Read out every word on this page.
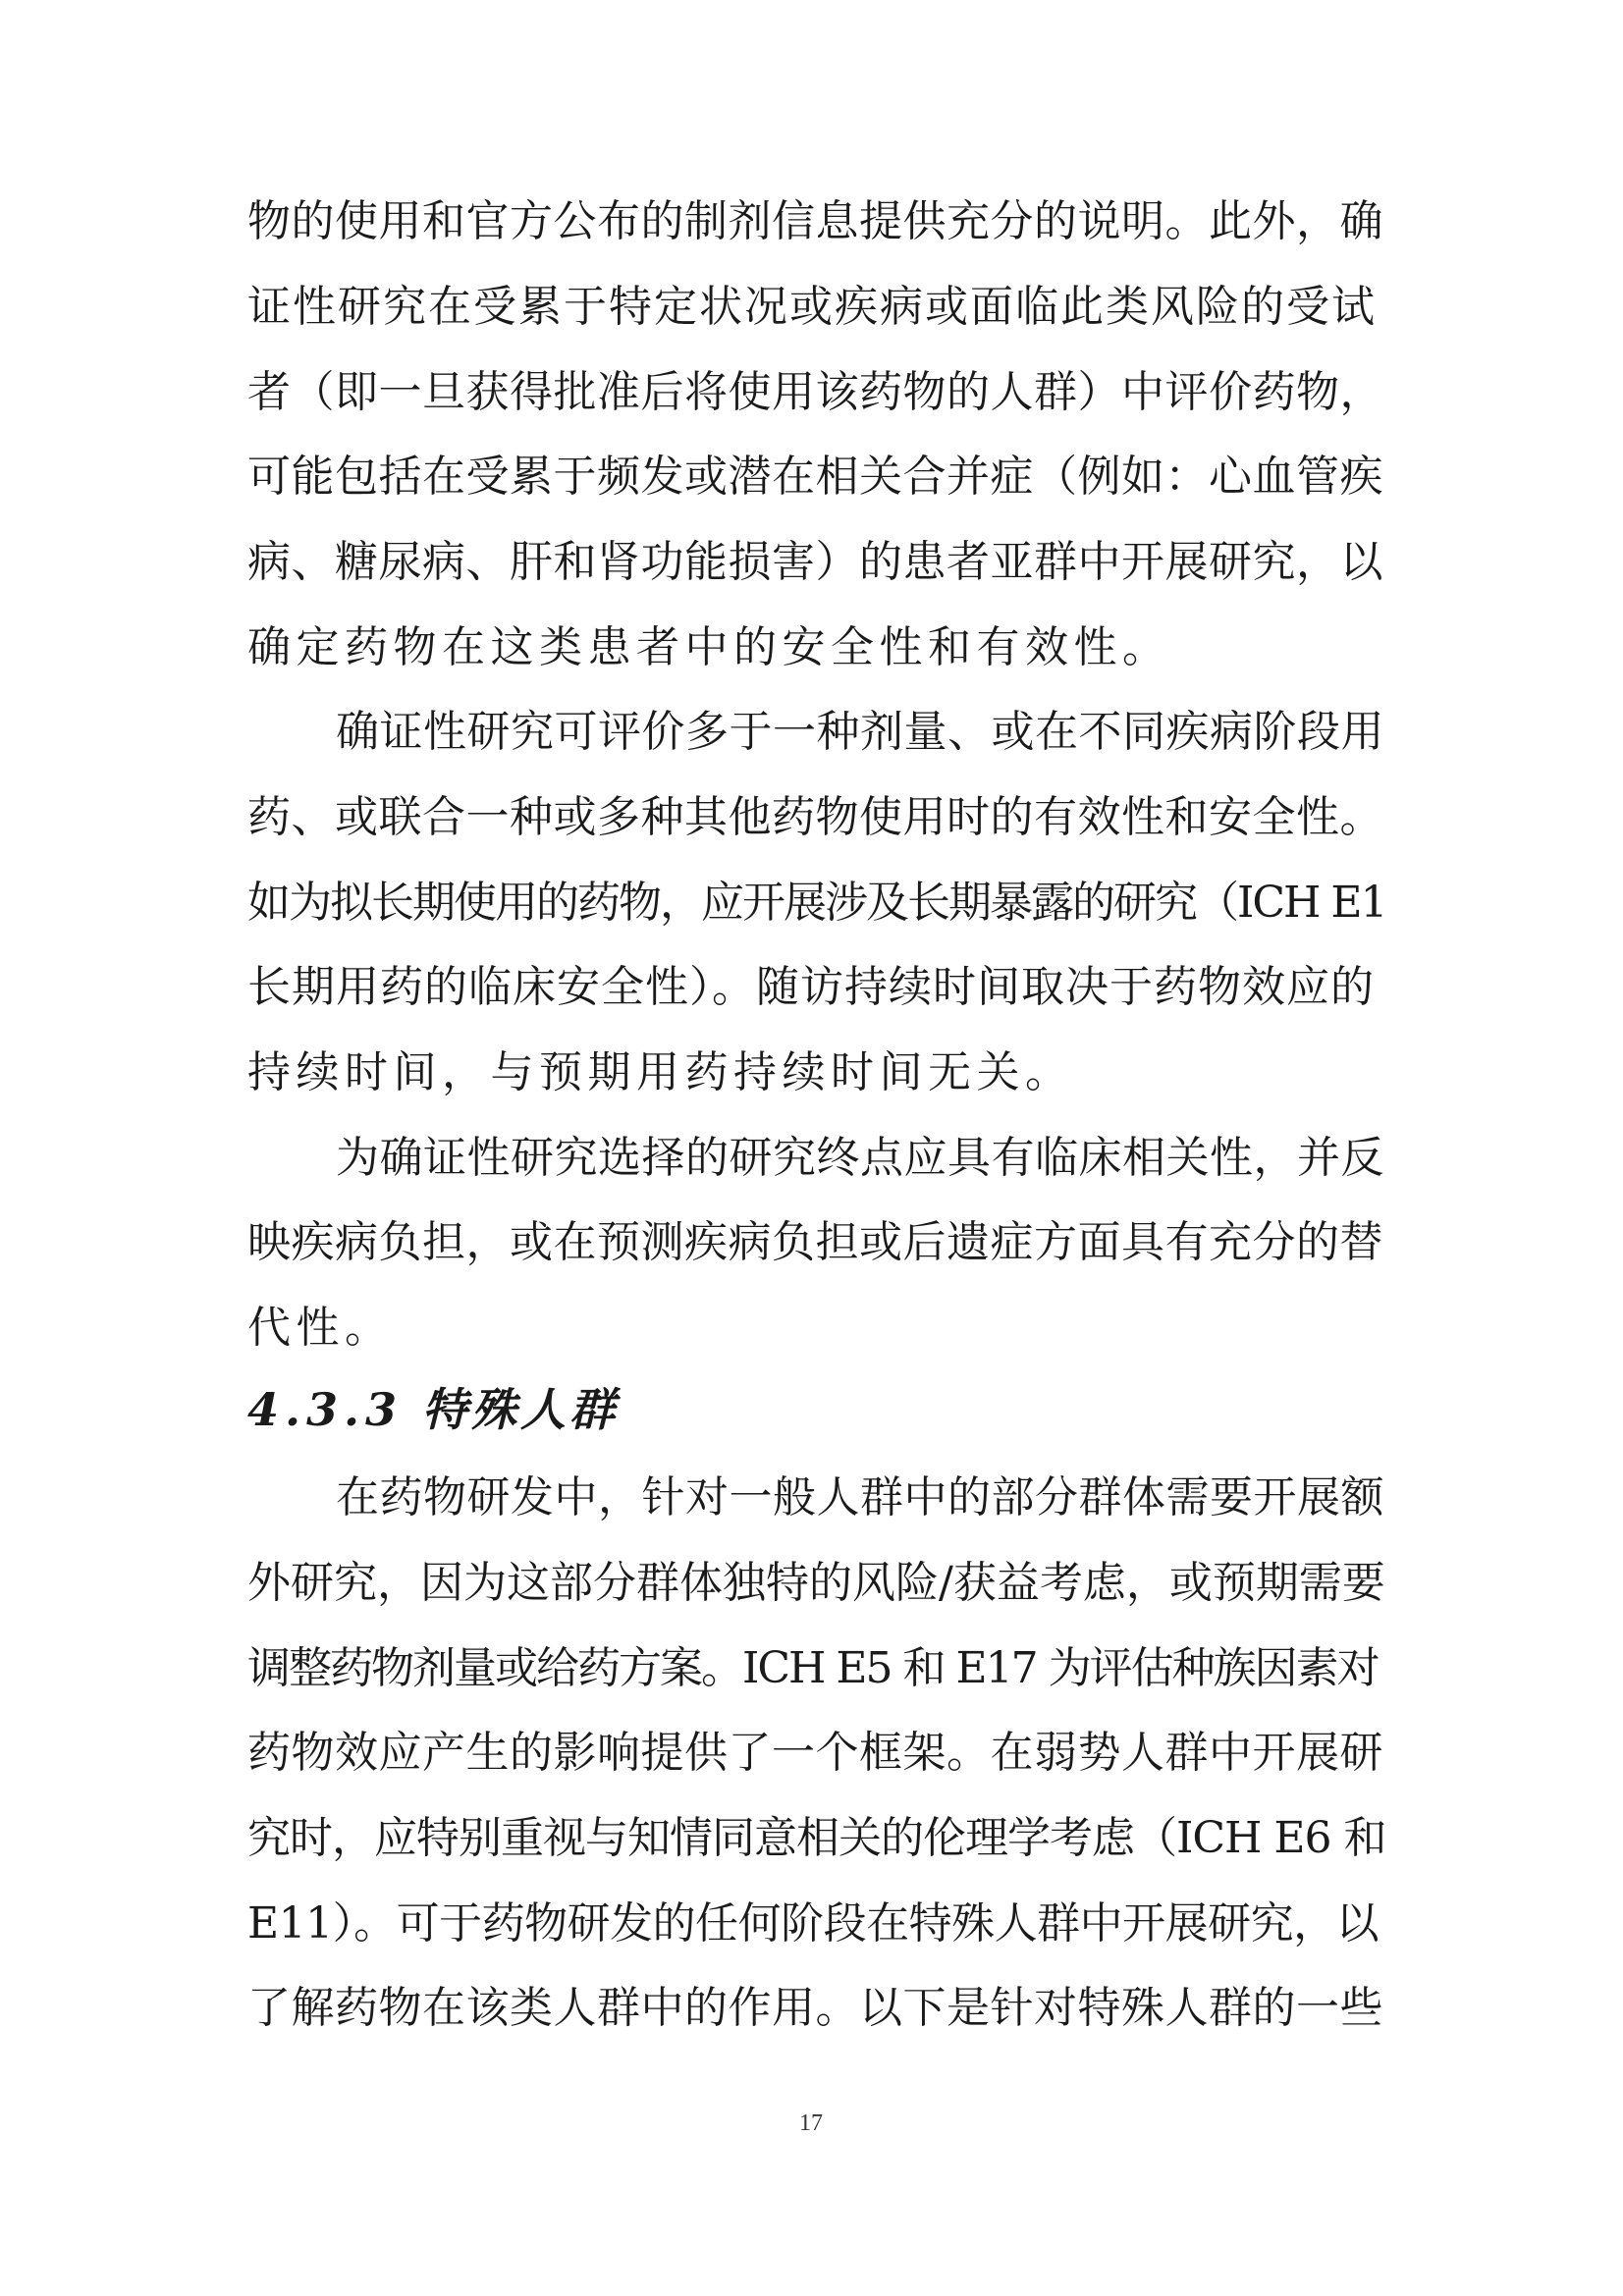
物的使用和官方公布的制剂信息提供充分的说明。此外，确
证性研究在受累于特定状况或疾病或面临此类风险的受试
者（即一旦获得批准后将使用该药物的人群）中评价药物，
可能包括在受累于频发或潜在相关合并症（例如：心血管疾
病、糖尿病、肝和肾功能损害）的患者亚群中开展研究，以
确定药物在这类患者中的安全性和有效性。
确证性研究可评价多于一种剂量、或在不同疾病阶段用
药、或联合一种或多种其他药物使用时的有效性和安全性。
如为拟长期使用的药物，应开展涉及长期暴露的研究（ICH E1
长期用药的临床安全性）。随访持续时间取决于药物效应的
持续时间，与预期用药持续时间无关。
为确证性研究选择的研究终点应具有临床相关性，并反
映疾病负担，或在预测疾病负担或后遗症方面具有充分的替
代性。
4.3.3 特殊人群
在药物研发中，针对一般人群中的部分群体需要开展额
外研究，因为这部分群体独特的风险/获益考虑，或预期需要
调整药物剂量或给药方案。ICH E5 和 E17 为评估种族因素对
药物效应产生的影响提供了一个框架。在弱势人群中开展研
究时，应特别重视与知情同意相关的伦理学考虑（ICH E6 和
E11）。可于药物研发的任何阶段在特殊人群中开展研究，以
了解药物在该类人群中的作用。以下是针对特殊人群的一些
17
